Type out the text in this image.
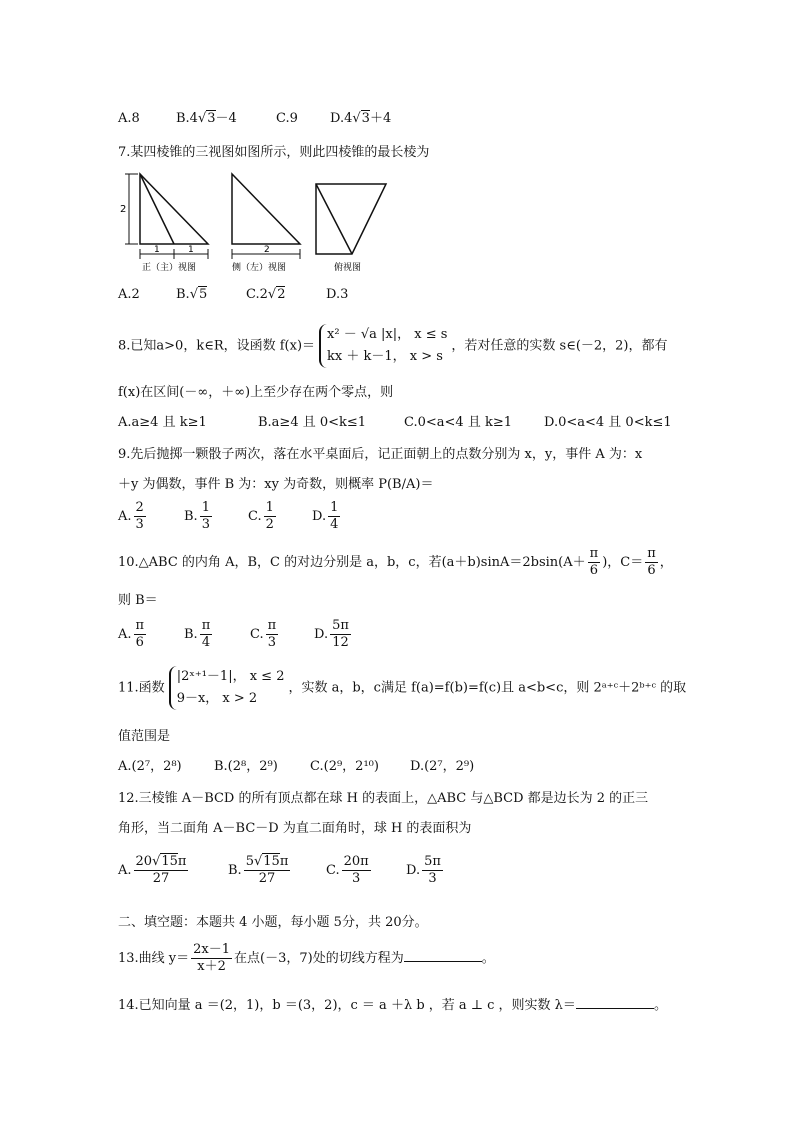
A.8	B.4√3－4	C.9 D.4√3＋4
7.某四棱锥的三视图如图所示，则此四棱锥的最长棱为
2
1	1
正（主）视图
2
侧（左）视图	俯视图
A.2	B.√5	C.2√2	D.3
8.已知a>0，k∈R，设函数 f(x)＝
x² － √a |x|， x ≤ s
kx ＋ k－1， x > s
，若对任意的实数 s∈(－2，2)，都有
f(x)在区间(－∞，＋∞)上至少存在两个零点，则
A.a≥4 且 k≥1	B.a≥4 且 0<k≤1	C.0<a<4 且 k≥1 D.0<a<4 且 0<k≤1
9.先后抛掷一颗骰子两次，落在水平桌面后，记正面朝上的点数分别为 x，y，事件 A 为：x
＋y 为偶数，事件 B 为：xy 为奇数，则概率 P(B/A)＝
A. $\frac{2}{3}$	B. $\frac{1}{3}$	C. $\frac{1}{2}$	D. $\frac{1}{4}$
10.△ABC 的内角 A，B，C 的对边分别是 a，b，c，若$(a+b)\sin A=2bsin(A+ \frac{\pi}{6}$ )，$C= \frac{\pi}{6}$ ，
则 B＝
A. $\frac{\pi}{6}$	B. $\frac{\pi}{4}$	C. $\frac{\pi}{3}$	D. $\frac{5\pi}{12}$
11.函数
|2ˣ⁺¹－1|， x ≤ 2
9－x， x > 2
，实数 a，b，c满足 f(a)=f(b)=f(c)且 a<b<c，则 2ᵃ⁺ᶜ＋2ᵇ⁺ᶜ 的取
值范围是
A.(2⁷，2⁸) B.(2⁸，2⁹) C.(2⁹，2¹⁰) D.(2⁷，2⁹)
12.三棱锥 A－BCD 的所有顶点都在球 H 的表面上，△ABC 与△BCD 都是边长为 2 的正三
角形，当二面角 A－BC－D 为直二面角时，球 H 的表面积为
A. $\frac{20√15\pi}{27}$	B. $\frac{5√15\pi}{27}$	C. $\frac{20\pi}{3}$	D. $\frac{5\pi}{3}$
二、填空题：本题共 4 小题，每小题 5分，共 20分。
13.曲线 $y= \frac{2x-1}{x+2}$ 在点(－3，7)处的切线方程为	。
14.已知向量 a ＝(2，1)，b ＝(3，2)，c ＝ a ＋λ b ，若 a ⊥ c ，则实数 λ＝	。
